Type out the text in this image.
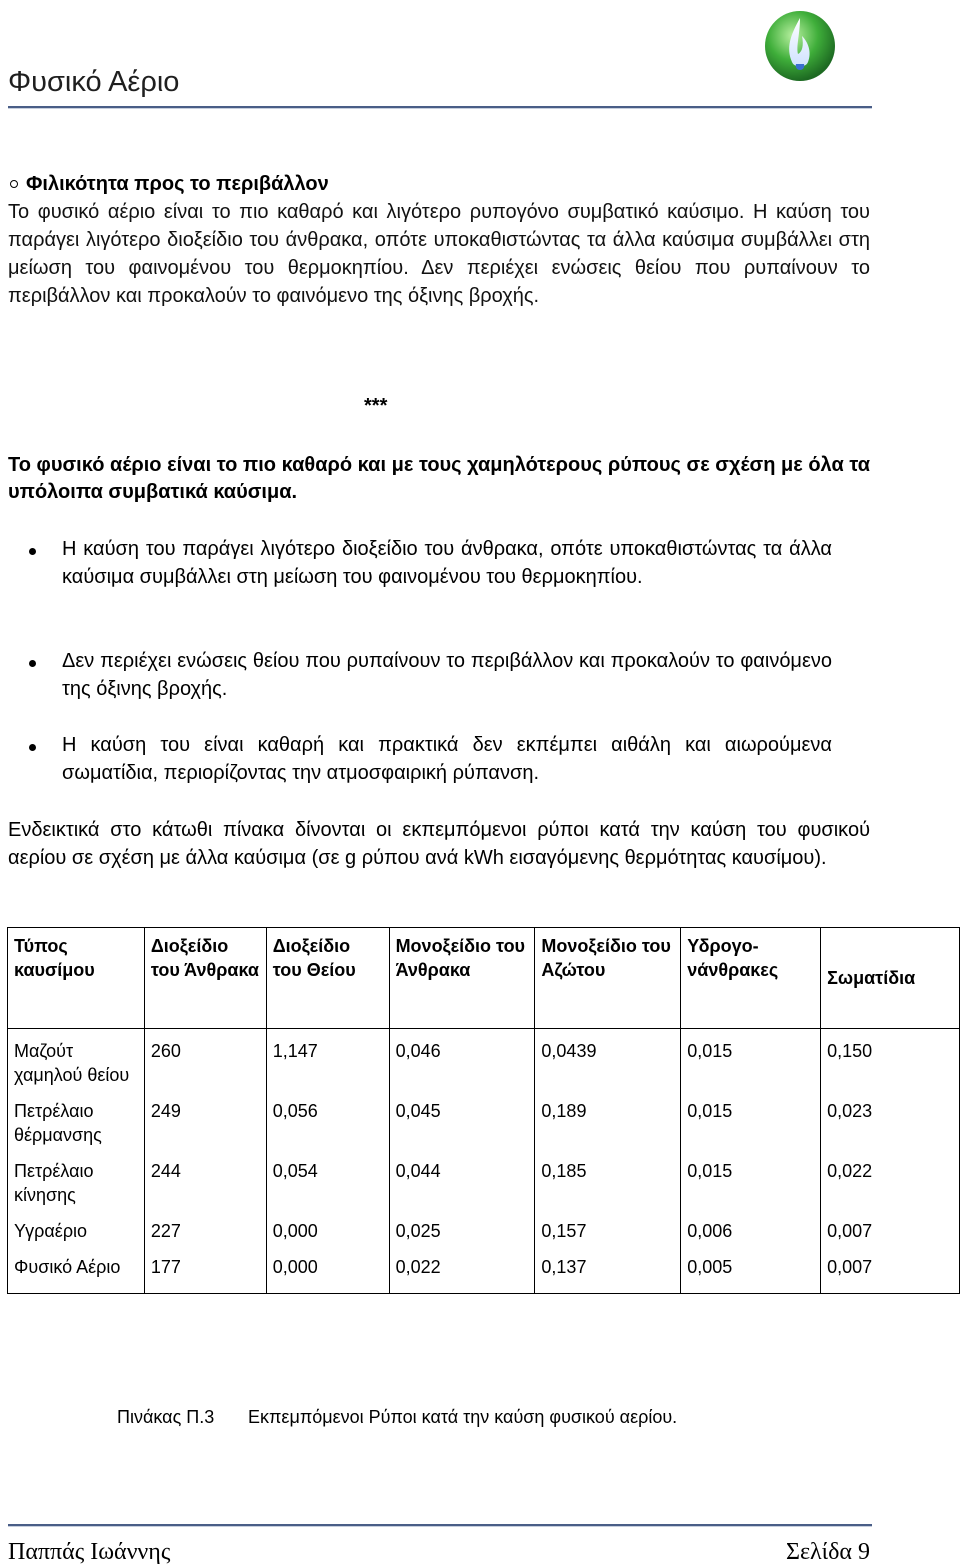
Φυσικό Αέριο
Φιλικότητα προς το περιβάλλον
Το φυσικό αέριο είναι το πιο καθαρό και λιγότερο ρυπογόνο συμβατικό καύσιμο. Η καύση του παράγει λιγότερο διοξείδιο του άνθρακα, οπότε υποκαθιστώντας τα άλλα καύσιμα συμβάλλει στη μείωση του φαινομένου του θερμοκηπίου. Δεν περιέχει ενώσεις θείου που ρυπαίνουν το περιβάλλον και προκαλούν το φαινόμενο της όξινης βροχής.
***
Το φυσικό αέριο είναι το πιο καθαρό και με τους χαμηλότερους ρύπους σε σχέση με όλα τα υπόλοιπα συμβατικά καύσιμα.
Η καύση του παράγει λιγότερο διοξείδιο του άνθρακα, οπότε υποκαθιστώντας τα άλλα καύσιμα συμβάλλει στη μείωση του φαινομένου του θερμοκηπίου.
Δεν περιέχει ενώσεις θείου που ρυπαίνουν το περιβάλλον και προκαλούν το φαινόμενο της όξινης βροχής.
Η καύση του είναι καθαρή και πρακτικά δεν εκπέμπει αιθάλη και αιωρούμενα σωματίδια, περιορίζοντας την ατμοσφαιρική ρύπανση.
Ενδεικτικά στο κάτωθι πίνακα δίνονται οι εκπεμπόμενοι ρύποι κατά την καύση του φυσικού αερίου σε σχέση με άλλα καύσιμα (σε g ρύπου ανά kWh εισαγόμενης θερμότητας καυσίμου).
Τύπος καυσίμου	Διοξείδιο του Άνθρακα	Διοξείδιο του Θείου	Μονοξείδιο του Άνθρακα	Μονοξείδιο του Αζώτου	Υδρογο- νάνθρακες	Σωματίδια
Μαζούτ χαμηλού θείου	260	1,147	0,046	0,0439	0,015	0,150
Πετρέλαιο θέρμανσης	249	0,056	0,045	0,189	0,015	0,023
Πετρέλαιο κίνησης	244	0,054	0,044	0,185	0,015	0,022
Υγραέριο	227	0,000	0,025	0,157	0,006	0,007
Φυσικό Αέριο	177	0,000	0,022	0,137	0,005	0,007
Πινάκας Π.3 Εκπεμπόμενοι Ρύποι κατά την καύση φυσικού αερίου.
Παππάς Ιωάννης	Σελίδα 9
